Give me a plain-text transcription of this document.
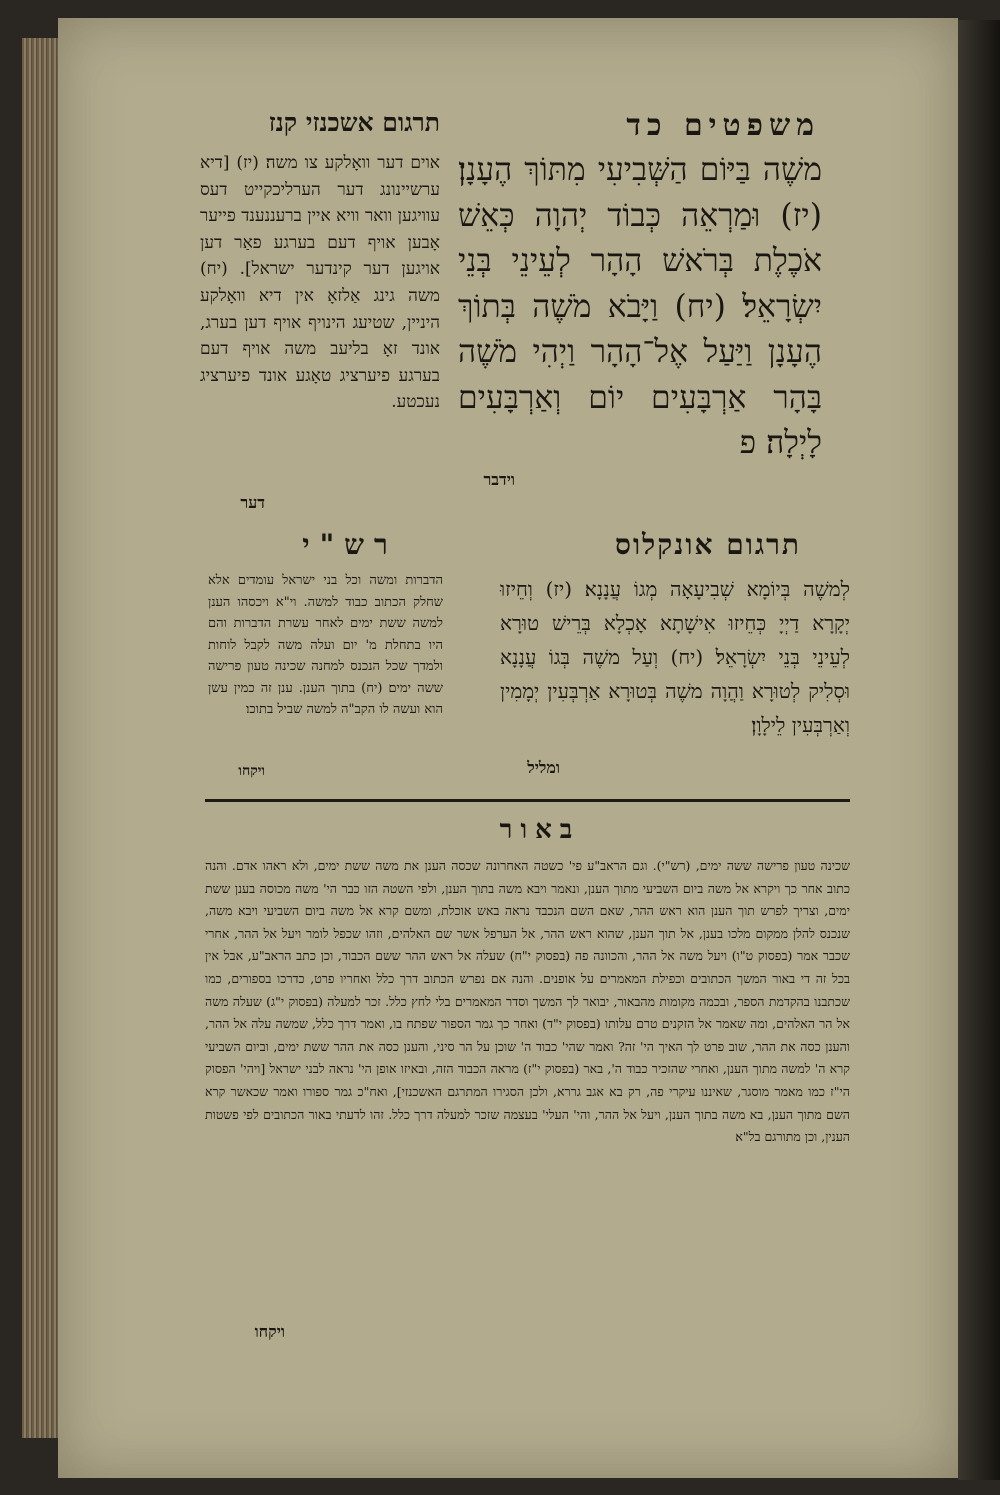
משפטים כד
תרגום אשכנזי קנז
משֶׁה בַּיּוֹם הַשְּׁבִיעִי מִתּוֹךְ הֶעָנָן׃ (יז) וּמַרְאֵה כְּבוֹד יְהוָה כְּאֵשׁ אֹכֶלֶת בְּרֹאשׁ הָהָר לְעֵינֵי בְּנֵי יִשְׂרָאֵל׃ (יח) וַיָּבֹא מֹשֶׁה בְּתוֹךְ הֶעָנָן וַיַּעַל אֶל־הָהָר וַיְהִי מֹשֶׁה בָּהָר אַרְבָּעִים יוֹם וְאַרְבָּעִים לָיְלָה׃ פ
וידבר
אוים דער וואָלקע צו משה׃ (יז) [דיא ערשיינונג דער הערליכקייט דעס עוויגען וואר וויא איין ברעננענד פייער אָבען אויף דעם בערגע פאַר דען אויגען דער קינדער ישראל]. (יח) משה גינג אַלזאָ אין דיא וואָלקע היניין, שטיעג הינויף אויף דען בערג, אונד זאָ בליעב משה אויף דעם בערגע פיערציג טאָגע אונד פיערציג נעכטע.
דער
תרגום אונקלוס
לְמשֶׁה בְּיוֹמָא שְׁבִיעָאָה מְגוֹ עֲנָנָא׃ (יז) וְחֵיזוּ יְקָרָא דַיְיָ כְּחֵיזוּ אִישָׁתָא אָכְלָא בְּרֵישׁ טוּרָא לְעֵינֵי בְּנֵי יִשְׂרָאֵל׃ (יח) וְעַל משֶׁה בְּגוֹ עֲנָנָא וּסְלִיק לְטוּרָא וַהֲוָה משֶׁה בְּטוּרָא אַרְבְּעִין יְמָמִין וְאַרְבְּעִין לֵילָוָן׃
ומליל
רש"י
הדברות ומשה וכל בני ישראל עומדים אלא שחלק הכתוב כבוד למשה. וי"א ויכסהו הענן למשה ששת ימים לאחר עשרת הדברות והם היו בתחלת מ' יום ועלה משה לקבל לוחות ולמדך שכל הנכנס למחנה שכינה טעון פרישה ששה ימים׃ (יח) בתוך הענן. ענן זה כמין עשן הוא ועשה לו הקב"ה למשה שביל בתוכו׃
ויקחו
באור
שכינה טעון פרישה ששה ימים, (רש"י). וגם הראב"ע פי' כשטה האחרונה שכסה הענן את משה ששת ימים, ולא ראהו אדם. והנה כתוב אחר כך ויקרא אל משה ביום השביעי מתוך הענן, ונאמר ויבא משה בתוך הענן, ולפי השטה הזו כבר הי' משה מכוסה בענן ששת ימים, וצריך לפרש תוך הענן הוא ראש ההר, שאם השם הנכבד נראה באש אוכלת, ומשם קרא אל משה ביום השביעי ויבא משה, שנכנס להלן ממקום מלכו בענן, אל תוך הענן, שהוא ראש ההר, אל הערפל אשר שם האלהים, וזהו שכפל לומר ויעל אל ההר, אחרי שכבר אמר (בפסוק ט"ו) ויעל משה אל ההר, והכוונה פה (בפסוק י"ח) שעלה אל ראש ההר ששם הכבוד, וכן כתב הראב"ע, אבל אין בכל זה די באור המשך הכתובים וכפילת המאמרים על אופנים. והנה אם נפרש הכתוב דרך כלל ואחריו פרט, כדרכו בספורים, כמו שכתבנו בהקדמת הספר, ובכמה מקומות מהבאור, יבואר לך המשך וסדר המאמרים בלי לחץ כלל. זכר למעלה (בפסוק י"ג) שעלה משה אל הר האלהים, ומה שאמר אל הזקנים טרם עלותו (בפסוק י"ד) ואחר כך גמר הספור שפתח בו, ואמר דרך כלל, שמשה עלה אל ההר, והענן כסה את ההר, שוב פרט לך האיך הי' זה? ואמר שהי' כבוד ה' שוכן על הר סיני, והענן כסה את ההר ששת ימים, וביום השביעי קרא ה' למשה מתוך הענן, ואחרי שהזכיר כבוד ה', באר (בפסוק י"ז) מראה הכבוד הזה, ובאיזו אופן הי' נראה לבני ישראל [ויהי' הפסוק הי"ז כמו מאמר מוסגר, שאיננו עיקרי פה, רק בא אגב גררא, ולכן הסגירו המתרגם האשכנזי], ואח"כ גמר ספורו ואמר שכאשר קרא השם מתוך הענן, בא משה בתוך הענן, ויעל אל ההר, והי' העלי' בעצמה שזכר למעלה דרך כלל. זהו לדעתי באור הכתובים לפי פשטות הענין, וכן מתורגם בל"א׃
ויקחו
